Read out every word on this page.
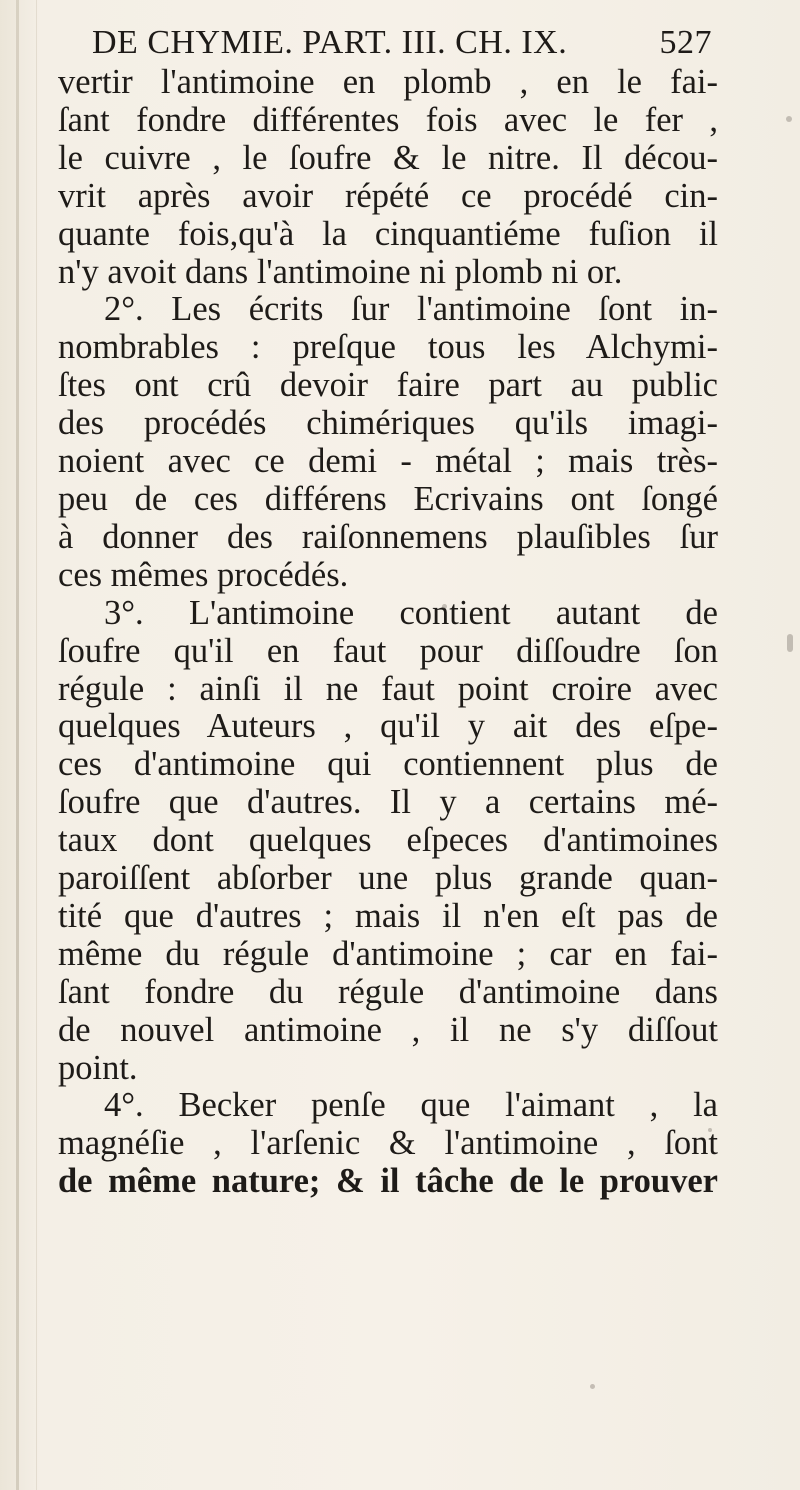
DE CHYMIE. PART. III. CH. IX.	527
vertir l'antimoine en plomb , en le fai-
ſant fondre différentes fois avec le fer ,
le cuivre , le ſoufre & le nitre. Il décou-
vrit après avoir répété ce procédé cin-
quante fois,qu'à la cinquantiéme fuſion il
n'y avoit dans l'antimoine ni plomb ni or.
2°. Les écrits ſur l'antimoine ſont in-
nombrables : preſque tous les Alchymi-
ſtes ont crû devoir faire part au public
des procédés chimériques qu'ils imagi-
noient avec ce demi - métal ; mais très-
peu de ces différens Ecrivains ont ſongé
à donner des raiſonnemens plauſibles ſur
ces mêmes procédés.
3°. L'antimoine contient autant de
ſoufre qu'il en faut pour diſſoudre ſon
régule : ainſi il ne faut point croire avec
quelques Auteurs , qu'il y ait des eſpe-
ces d'antimoine qui contiennent plus de
ſoufre que d'autres. Il y a certains mé-
taux dont quelques eſpeces d'antimoines
paroiſſent abſorber une plus grande quan-
tité que d'autres ; mais il n'en eſt pas de
même du régule d'antimoine ; car en fai-
ſant fondre du régule d'antimoine dans
de nouvel antimoine , il ne s'y diſſout
point.
4°. Becker penſe que l'aimant , la
magnéſie , l'arſenic & l'antimoine , ſont
de même nature; & il tâche de le prouver
